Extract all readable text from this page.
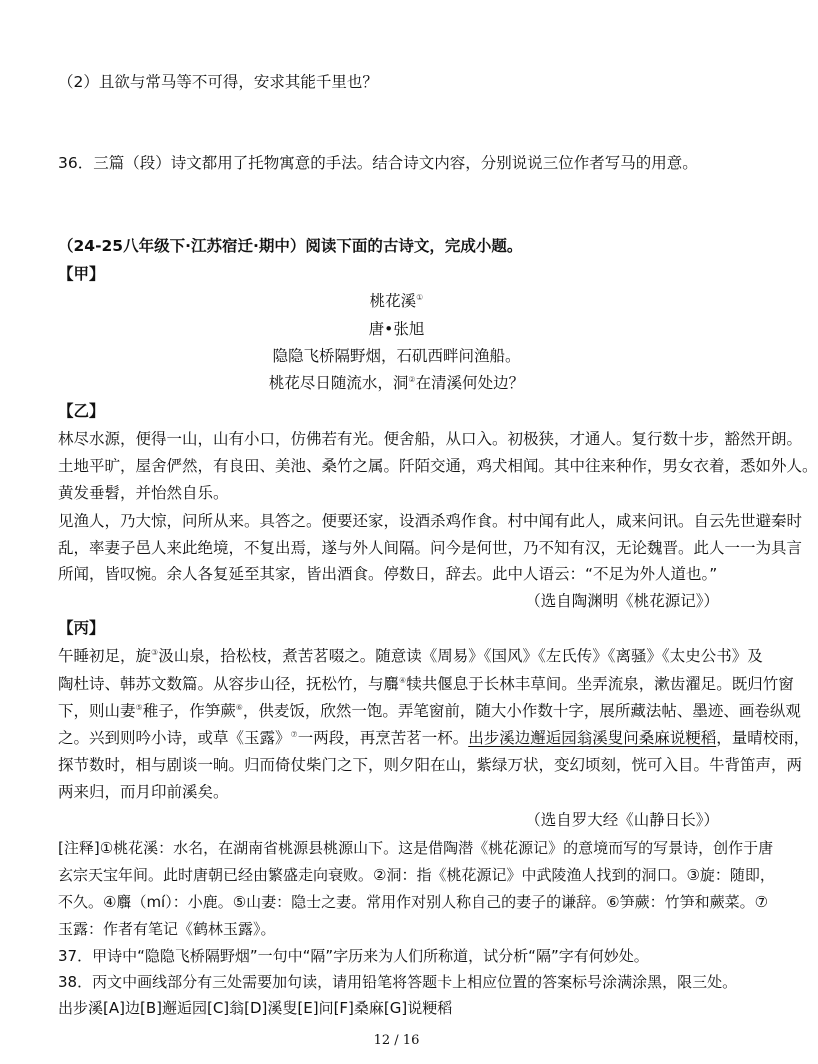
（2）且欲与常马等不可得，安求其能千里也？
36．三篇（段）诗文都用了托物寓意的手法。结合诗文内容，分别说说三位作者写马的用意。
（24-25八年级下·江苏宿迁·期中）阅读下面的古诗文，完成小题。
【甲】
桃花溪①
唐•张旭
隐隐飞桥隔野烟，石矶西畔问渔船。
桃花尽日随流水，洞②在清溪何处边？
【乙】
林尽水源，便得一山，山有小口，仿佛若有光。便舍船，从口入。初极狭，才通人。复行数十步，豁然开朗。
土地平旷，屋舍俨然，有良田、美池、桑竹之属。阡陌交通，鸡犬相闻。其中往来种作，男女衣着，悉如外人。
黄发垂髫，并怡然自乐。
见渔人，乃大惊，问所从来。具答之。便要还家，设酒杀鸡作食。村中闻有此人，咸来问讯。自云先世避秦时
乱，率妻子邑人来此绝境，不复出焉，遂与外人间隔。问今是何世，乃不知有汉，无论魏晋。此人一一为具言
所闻，皆叹惋。余人各复延至其家，皆出酒食。停数日，辞去。此中人语云：“不足为外人道也。”
（选自陶渊明《桃花源记》）
【丙】
午睡初足，旋③汲山泉，拾松枝，煮苦茗啜之。随意读《周易》《国风》《左氏传》《离骚》《太史公书》及
陶杜诗、韩苏文数篇。从容步山径，抚松竹，与麛④犊共偃息于长林丰草间。坐弄流泉，漱齿濯足。既归竹窗
下，则山妻⑤稚子，作笋蕨⑥，供麦饭，欣然一饱。弄笔窗前，随大小作数十字，展所藏法帖、墨迹、画卷纵观
之。兴到则吟小诗，或草《玉露》⑦一两段，再烹苦茗一杯。出步溪边邂逅园翁溪叟问桑麻说粳稻，量晴校雨，
探节数时，相与剧谈一晌。归而倚仗柴门之下，则夕阳在山，紫绿万状，变幻顷刻，恍可入目。牛背笛声，两
两来归，而月印前溪矣。
（选自罗大经《山静日长》）
[注释]①桃花溪：水名，在湖南省桃源县桃源山下。这是借陶潜《桃花源记》的意境而写的写景诗，创作于唐
玄宗天宝年间。此时唐朝已经由繁盛走向衰败。②洞：指《桃花源记》中武陵渔人找到的洞口。③旋：随即，
不久。④麛（mí）：小鹿。⑤山妻：隐士之妻。常用作对别人称自己的妻子的谦辞。⑥笋蕨：竹笋和蕨菜。⑦
玉露：作者有笔记《鹤林玉露》。
37．甲诗中“隐隐飞桥隔野烟”一句中“隔”字历来为人们所称道，试分析“隔”字有何妙处。
38．丙文中画线部分有三处需要加句读，请用铅笔将答题卡上相应位置的答案标号涂满涂黑，限三处。
出步溪[A]边[B]邂逅园[C]翁[D]溪叟[E]问[F]桑麻[G]说粳稻
12 / 16
